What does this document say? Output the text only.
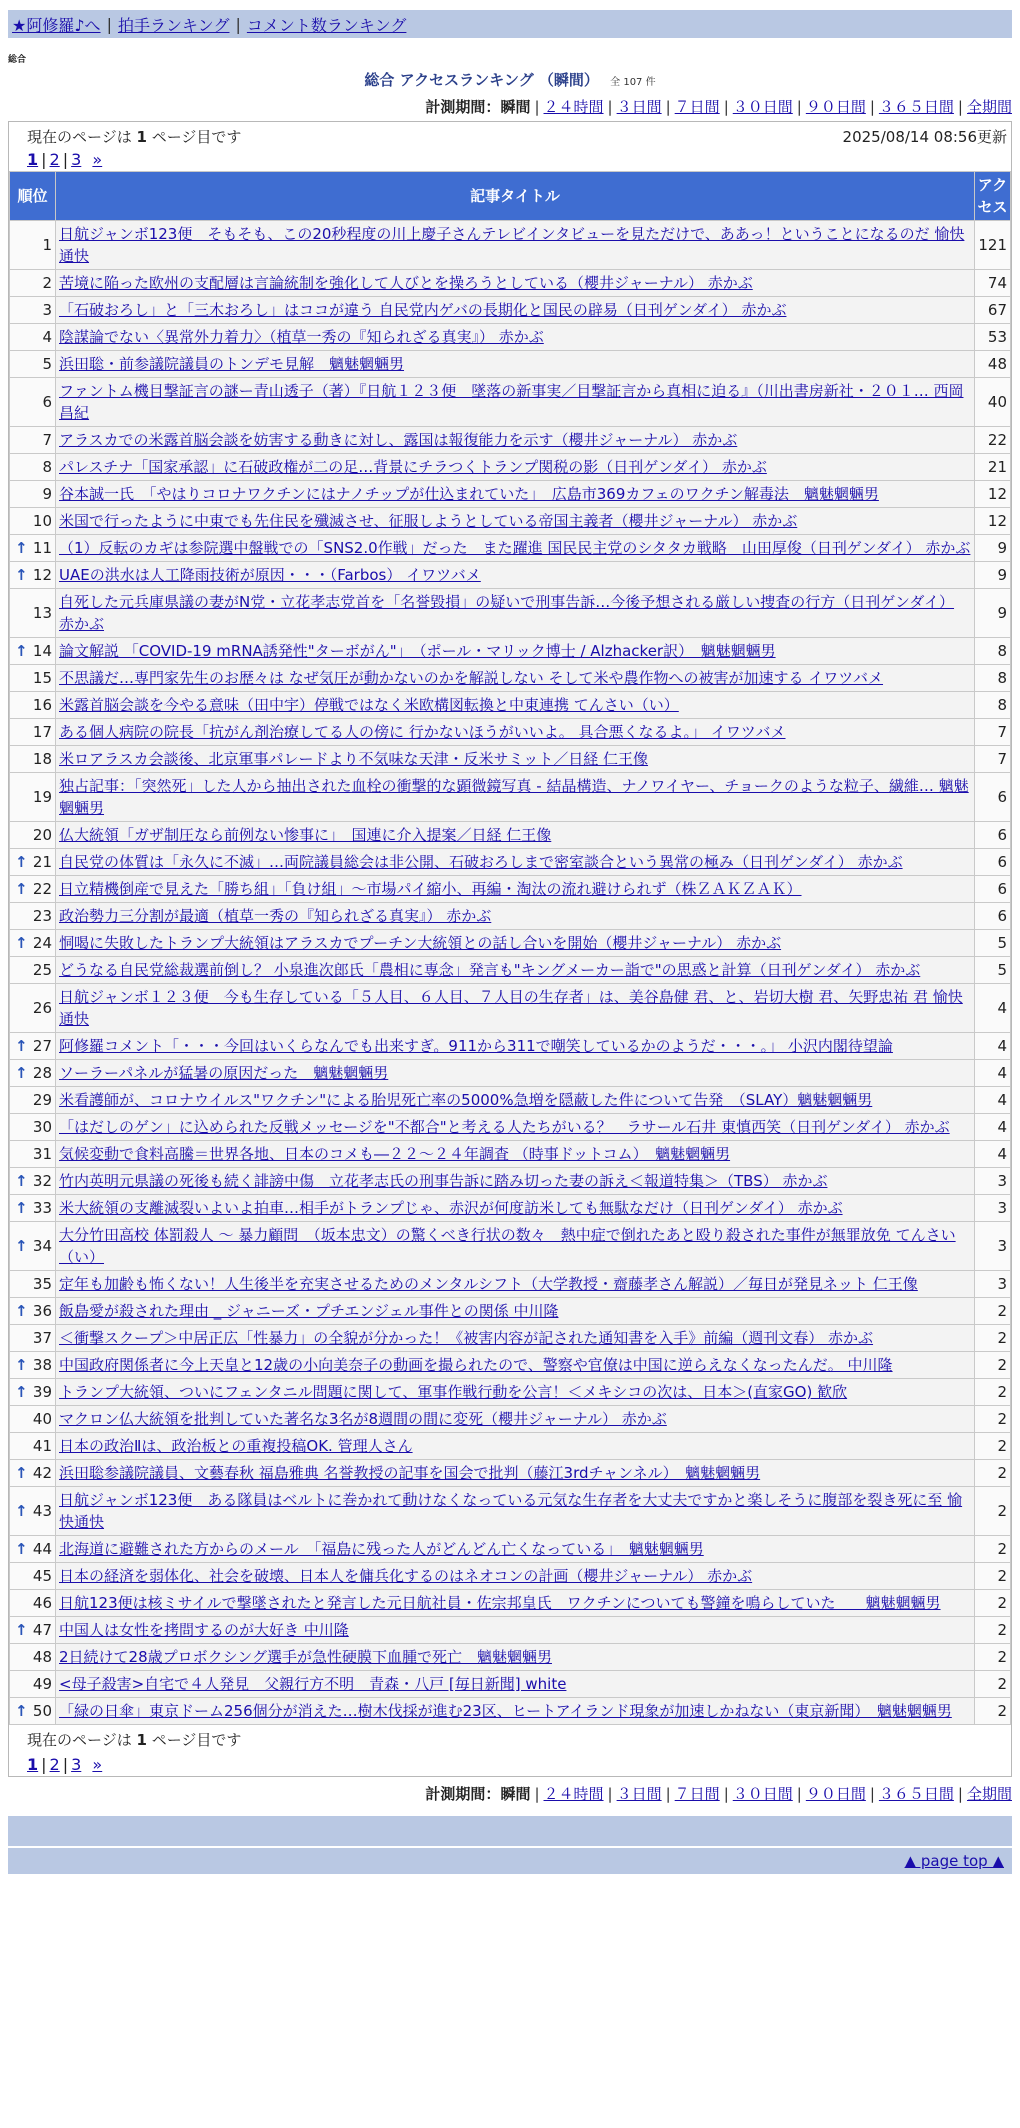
★阿修羅♪へ | 拍手ランキング | コメント数ランキング
総合
総合 アクセスランキング （瞬間） 全 107 件
計測期間：瞬間 | ２４時間 | ３日間 | ７日間 | ３０日間 | ９０日間 | ３６５日間 | 全期間
現在のページは 1 ページ目です	2025/08/14 08:56更新
1 | 2 | 3 »
順位	記事タイトル	アクセス
1	日航ジャンボ123便　そもそも、この20秒程度の川上慶子さんテレビインタビューを見ただけで、ああっ！ということになるのだ 愉快通快	121
2	苦境に陥った欧州の支配層は言論統制を強化して人びとを操ろうとしている（櫻井ジャーナル） 赤かぶ	74
3	「石破おろし」と「三木おろし」はココが違う 自民党内ゲバの長期化と国民の辟易（日刊ゲンダイ） 赤かぶ	67
4	陰謀論でない〈異常外力着力〉（植草一秀の『知られざる真実』） 赤かぶ	53
5	浜田聡・前参議院議員のトンデモ見解　魑魅魍魎男	48
6	ファントム機目撃証言の謎ー青山透子（著）『日航１２３便　墜落の新事実／目撃証言から真相に迫る』（川出書房新社・２０１… 西岡昌紀	40
7	アラスカでの米露首脳会談を妨害する動きに対し、露国は報復能力を示す（櫻井ジャーナル） 赤かぶ	22
8	パレスチナ「国家承認」に石破政権が二の足…背景にチラつくトランプ関税の影（日刊ゲンダイ） 赤かぶ	21
9	谷本誠一氏　「やはりコロナワクチンにはナノチップが仕込まれていた」　広島市369カフェのワクチン解毒法　魑魅魍魎男	12
10	米国で行ったように中東でも先住民を殲滅させ、征服しようとしている帝国主義者（櫻井ジャーナル） 赤かぶ	12

↑ 11	（1）反転のカギは参院選中盤戦での「SNS2.0作戦」だった　また躍進 国民民主党のシタタカ戦略　山田厚俊（日刊ゲンダイ） 赤かぶ	9

↑ 12	UAEの洪水は人工降雨技術が原因・・・（Farbos） イワツバメ	9
13	自死した元兵庫県議の妻がN党・立花孝志党首を「名誉毀損」の疑いで刑事告訴…今後予想される厳しい捜査の行方（日刊ゲンダイ） 赤かぶ	9

↑ 14	論文解説 「COVID-19 mRNA誘発性"ターボがん"」　（ポール・マリック博士 / Alzhacker訳）　魑魅魍魎男	8
15	不思議だ…専門家先生のお歴々は なぜ気圧が動かないのかを解説しない そして米や農作物への被害が加速する イワツバメ	8
16	米露首脳会談を今やる意味（田中宇）停戦ではなく米欧構図転換と中東連携 てんさい（い）	8
17	ある個人病院の院長「抗がん剤治療してる人の傍に 行かないほうがいいよ。 具合悪くなるよ。」 イワツバメ	7
18	米ロアラスカ会談後、北京軍事パレードより不気味な天津・反米サミット／日経 仁王像	7
19	独占記事：「突然死」した人から抽出された血栓の衝撃的な顕微鏡写真 - 結晶構造、ナノワイヤー、チョークのような粒子、繊維… 魑魅魍魎男	6
20	仏大統領「ガザ制圧なら前例ない惨事に」　国連に介入提案／日経 仁王像	6

↑ 21	自民党の体質は「永久に不滅」…両院議員総会は非公開、石破おろしまで密室談合という異常の極み（日刊ゲンダイ） 赤かぶ	6

↑ 22	日立精機倒産で見えた「勝ち組」「負け組」〜市場パイ縮小、再編・淘汰の流れ避けられず（株ＺＡＫＺＡＫ）	6
23	政治勢力三分割が最適（植草一秀の『知られざる真実』） 赤かぶ	6

↑ 24	恫喝に失敗したトランプ大統領はアラスカでプーチン大統領との話し合いを開始（櫻井ジャーナル） 赤かぶ	5
25	どうなる自民党総裁選前倒し？ 小泉進次郎氏「農相に専念」発言も"キングメーカー詣で"の思惑と計算（日刊ゲンダイ） 赤かぶ	5
26	日航ジャンボ１２３便　今も生存している「５人目、６人目、７人目の生存者」は、美谷島健 君、と、岩切大樹 君、矢野忠祐 君 愉快通快	4

↑ 27	阿修羅コメント「・・・今回はいくらなんでも出来すぎ。911から311で嘲笑しているかのようだ・・・。」 小沢内閣待望論	4

↑ 28	ソーラーパネルが猛暑の原因だった　魑魅魍魎男	4
29	米看護師が、コロナウイルス"ワクチン"による胎児死亡率の5000%急増を隠蔽した件について告発　（SLAY）魑魅魍魎男	4
30	「はだしのゲン」に込められた反戦メッセージを"不都合"と考える人たちがいる？　ラサール石井 東慎西笑（日刊ゲンダイ） 赤かぶ	4
31	気候変動で食料高騰＝世界各地、日本のコメも―２２～２４年調査 （時事ドットコム）　魑魅魍魎男	4

↑ 32	竹内英明元県議の死後も続く誹謗中傷　立花孝志氏の刑事告訴に踏み切った妻の訴え＜報道特集＞（TBS） 赤かぶ	3

↑ 33	米大統領の支離滅裂いよいよ拍車…相手がトランプじゃ、赤沢が何度訪米しても無駄なだけ（日刊ゲンダイ） 赤かぶ	3

↑ 34	大分竹田高校 体罰殺人 〜 暴力顧問　（坂本忠文）の驚くべき行状の数々　熱中症で倒れたあと殴り殺された事件が無罪放免 てんさい（い）	3
35	定年も加齢も怖くない！人生後半を充実させるためのメンタルシフト（大学教授・齋藤孝さん解説）／毎日が発見ネット 仁王像	3

↑ 36	飯島愛が殺された理由 _ ジャニーズ・プチエンジェル事件との関係 中川隆	2
37	＜衝撃スクープ＞中居正広「性暴力」の全貌が分かった！《被害内容が記された通知書を入手》前編（週刊文春） 赤かぶ	2

↑ 38	中国政府関係者に今上天皇と12歳の小向美奈子の動画を撮られたので、警察や官僚は中国に逆らえなくなったんだ。 中川隆	2

↑ 39	トランプ大統領、ついにフェンタニル問題に関して、軍事作戦行動を公言！＜メキシコの次は、日本＞(直家GO) 歓欣	2
40	マクロン仏大統領を批判していた著名な3名が8週間の間に変死（櫻井ジャーナル） 赤かぶ	2
41	日本の政治Ⅱは、政治板との重複投稿OK. 管理人さん	2

↑ 42	浜田聡参議院議員、文藝春秋 福島雅典 名誉教授の記事を国会で批判（藤江3rdチャンネル）　魑魅魍魎男	2

↑ 43	日航ジャンボ123便　ある隊員はベルトに巻かれて動けなくなっている元気な生存者を大丈夫ですかと楽しそうに腹部を裂き死に至 愉快通快	2

↑ 44	北海道に避難された方からのメール　「福島に残った人がどんどん亡くなっている」　魑魅魍魎男	2
45	日本の経済を弱体化、社会を破壊、日本人を傭兵化するのはネオコンの計画（櫻井ジャーナル） 赤かぶ	2
46	日航123便は核ミサイルで撃墜されたと発言した元日航社員・佐宗邦皇氏　ワクチンについても警鐘を鳴らしていた　　魑魅魍魎男	2

↑ 47	中国人は女性を拷問するのが大好き 中川隆	2
48	2日続けて28歳プロボクシング選手が急性硬膜下血腫で死亡　魑魅魍魎男	2
49	<母子殺害>自宅で４人発見　父親行方不明　青森・八戸 [毎日新聞] white	2

↑ 50	「緑の日傘」東京ドーム256個分が消えた…樹木伐採が進む23区、ヒートアイランド現象が加速しかねない（東京新聞）　魑魅魍魎男	2
現在のページは 1 ページ目です
1 | 2 | 3 »
計測期間：瞬間 | ２４時間 | ３日間 | ７日間 | ３０日間 | ９０日間 | ３６５日間 | 全期間
▲ page top ▲
